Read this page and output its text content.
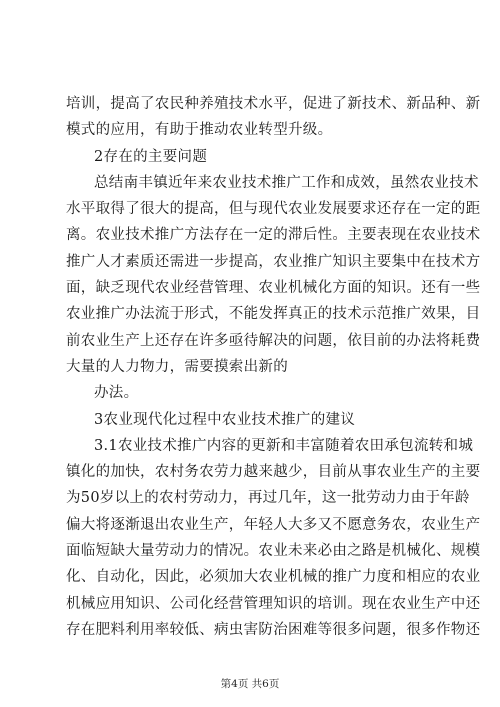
培训，提高了农民种养殖技术水平，促进了新技术、新品种、新
模式的应用，有助于推动农业转型升级。
2存在的主要问题
总结南丰镇近年来农业技术推广工作和成效，虽然农业技术
水平取得了很大的提高，但与现代农业发展要求还存在一定的距
离。农业技术推广方法存在一定的滞后性。主要表现在农业技术
推广人才素质还需进一步提高，农业推广知识主要集中在技术方
面，缺乏现代农业经营管理、农业机械化方面的知识。还有一些
农业推广办法流于形式，不能发挥真正的技术示范推广效果，目
前农业生产上还存在许多亟待解决的问题，依目前的办法将耗费
大量的人力物力，需要摸索出新的
办法。
3农业现代化过程中农业技术推广的建议
3.1农业技术推广内容的更新和丰富随着农田承包流转和城
镇化的加快，农村务农劳力越来越少，目前从事农业生产的主要
为50岁以上的农村劳动力，再过几年，这一批劳动力由于年龄
偏大将逐渐退出农业生产，年轻人大多又不愿意务农，农业生产
面临短缺大量劳动力的情况。农业未来必由之路是机械化、规模
化、自动化，因此，必须加大农业机械的推广力度和相应的农业
机械应用知识、公司化经营管理知识的培训。现在农业生产中还
存在肥料利用率较低、病虫害防治困难等很多问题，很多作物还
第4页 共6页
